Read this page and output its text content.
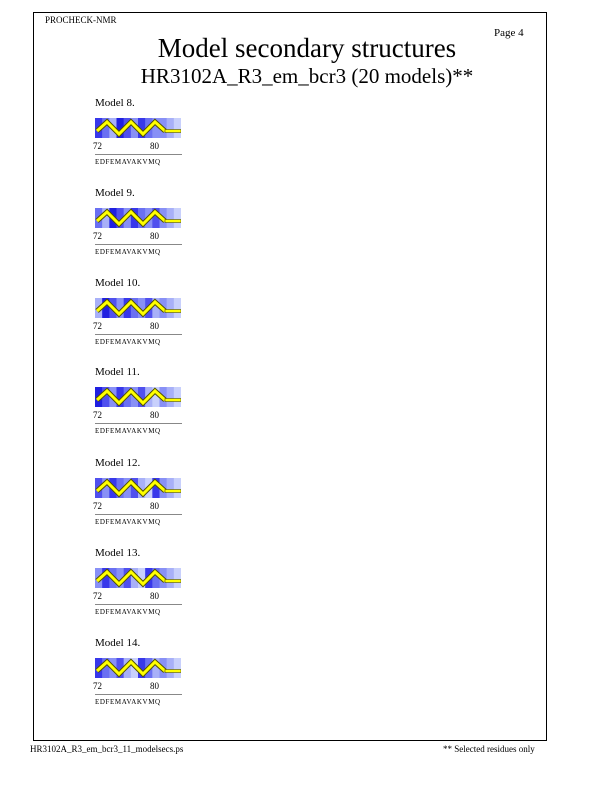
PROCHECK-NMR
Page 4
Model secondary structures
HR3102A_R3_em_bcr3 (20 models)**
Model 8.
72	80
EDFEMAVAKVMQ
Model 9.
72	80
EDFEMAVAKVMQ
Model 10.
72	80
EDFEMAVAKVMQ
Model 11.
72	80
EDFEMAVAKVMQ
Model 12.
72	80
EDFEMAVAKVMQ
Model 13.
72	80
EDFEMAVAKVMQ
Model 14.
72	80
EDFEMAVAKVMQ
HR3102A_R3_em_bcr3_11_modelsecs.ps	** Selected residues only
